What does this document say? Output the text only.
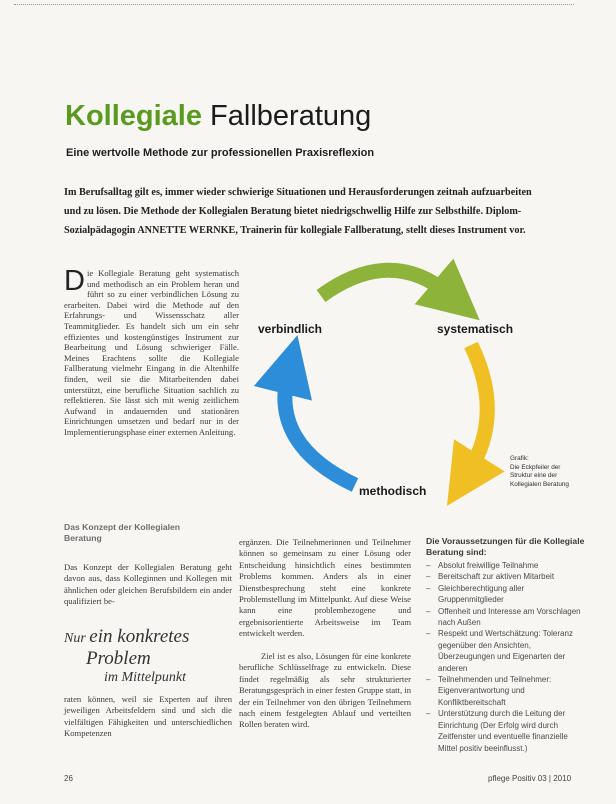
Kollegiale Fallberatung
Eine wertvolle Methode zur professionellen Praxisreflexion
Im Berufsalltag gilt es, immer wieder schwierige Situationen und Herausforderungen zeitnah aufzuarbeiten und zu lösen. Die Methode der Kollegialen Beratung bietet niedrigschwellig Hilfe zur Selbsthilfe. Diplom-Sozialpädagogin ANNETTE WERNKE, Trainerin für kollegiale Fallberatung, stellt dieses Instrument vor.
Die Kollegiale Beratung geht systematisch und methodisch an ein Problem heran und führt so zu einer verbindlichen Lösung zu erarbeiten. Dabei wird die Methode auf den Erfahrungs- und Wissensschatz aller Teammitglieder. Es handelt sich um ein sehr effizientes und kostengünstiges Instrument zur Bearbeitung und Lösung schwieriger Fälle. Meines Erachtens sollte die Kollegiale Fallberatung vielmehr Eingang in die Altenhilfe finden, weil sie die Mitarbeitenden dabei unterstützt, eine berufliche Situation sachlich zu reflektieren. Sie lässt sich mit wenig zeitlichem Aufwand in andauernden und stationären Einrichtungen umsetzen und bedarf nur in der Implementierungsphase einer externen Anleitung.
verbindlich	systematisch
methodisch
Grafik:
Die Eckpfeiler der
Struktur eine der
Kollegialen Beratung
Das Konzept der Kollegialen Beratung
Das Konzept der Kollegialen Beratung geht davon aus, dass Kolleginnen und Kollegen mit ähnlichen oder gleichen Berufsbildern ein ander qualifiziert be-
Nur ein konkretes
Problem
im Mittelpunkt
raten können, weil sie Experten auf ihren jeweiligen Arbeitsfeldern sind und sich die vielfältigen Fähigkeiten und unterschiedlichen Kompetenzen
ergänzen. Die Teilnehmerinnen und Teilnehmer können so gemeinsam zu einer Lösung oder Entscheidung hinsichtlich eines bestimmten Problems kommen. Anders als in einer Dienstbesprechung steht eine konkrete Problemstellung im Mittelpunkt. Auf diese Weise kann eine problembezogene und ergebnisorientierte Arbeitsweise im Team entwickelt werden.
Ziel ist es also, Lösungen für eine konkrete berufliche Schlüsselfrage zu entwickeln. Diese findet regelmäßig als sehr strukturierter Beratungsgespräch in einer festen Gruppe statt, in der ein Teilnehmer von den übrigen Teilnehmern nach einem festgelegten Ablauf und verteilten Rollen beraten wird.
Die Voraussetzungen für die Kollegiale Beratung sind:
– Absolut freiwillige Teilnahme
– Bereitschaft zur aktiven Mitarbeit
– Gleichberechtigung aller Gruppenmitglieder
– Offenheit und Interesse am Vorschlagen nach Außen
– Respekt und Wertschätzung: Toleranz gegenüber den Ansichten, Überzeugungen und Eigenarten der anderen
– Teilnehmenden und Teilnehmer: Eigenverantwortung und Konfliktbereitschaft
– Unterstützung durch die Leitung der Einrichtung (Der Erfolg wird durch Zeitfenster und eventuelle finanzielle Mittel positiv beeinflusst.)
26	pflege Positiv 03 | 2010
